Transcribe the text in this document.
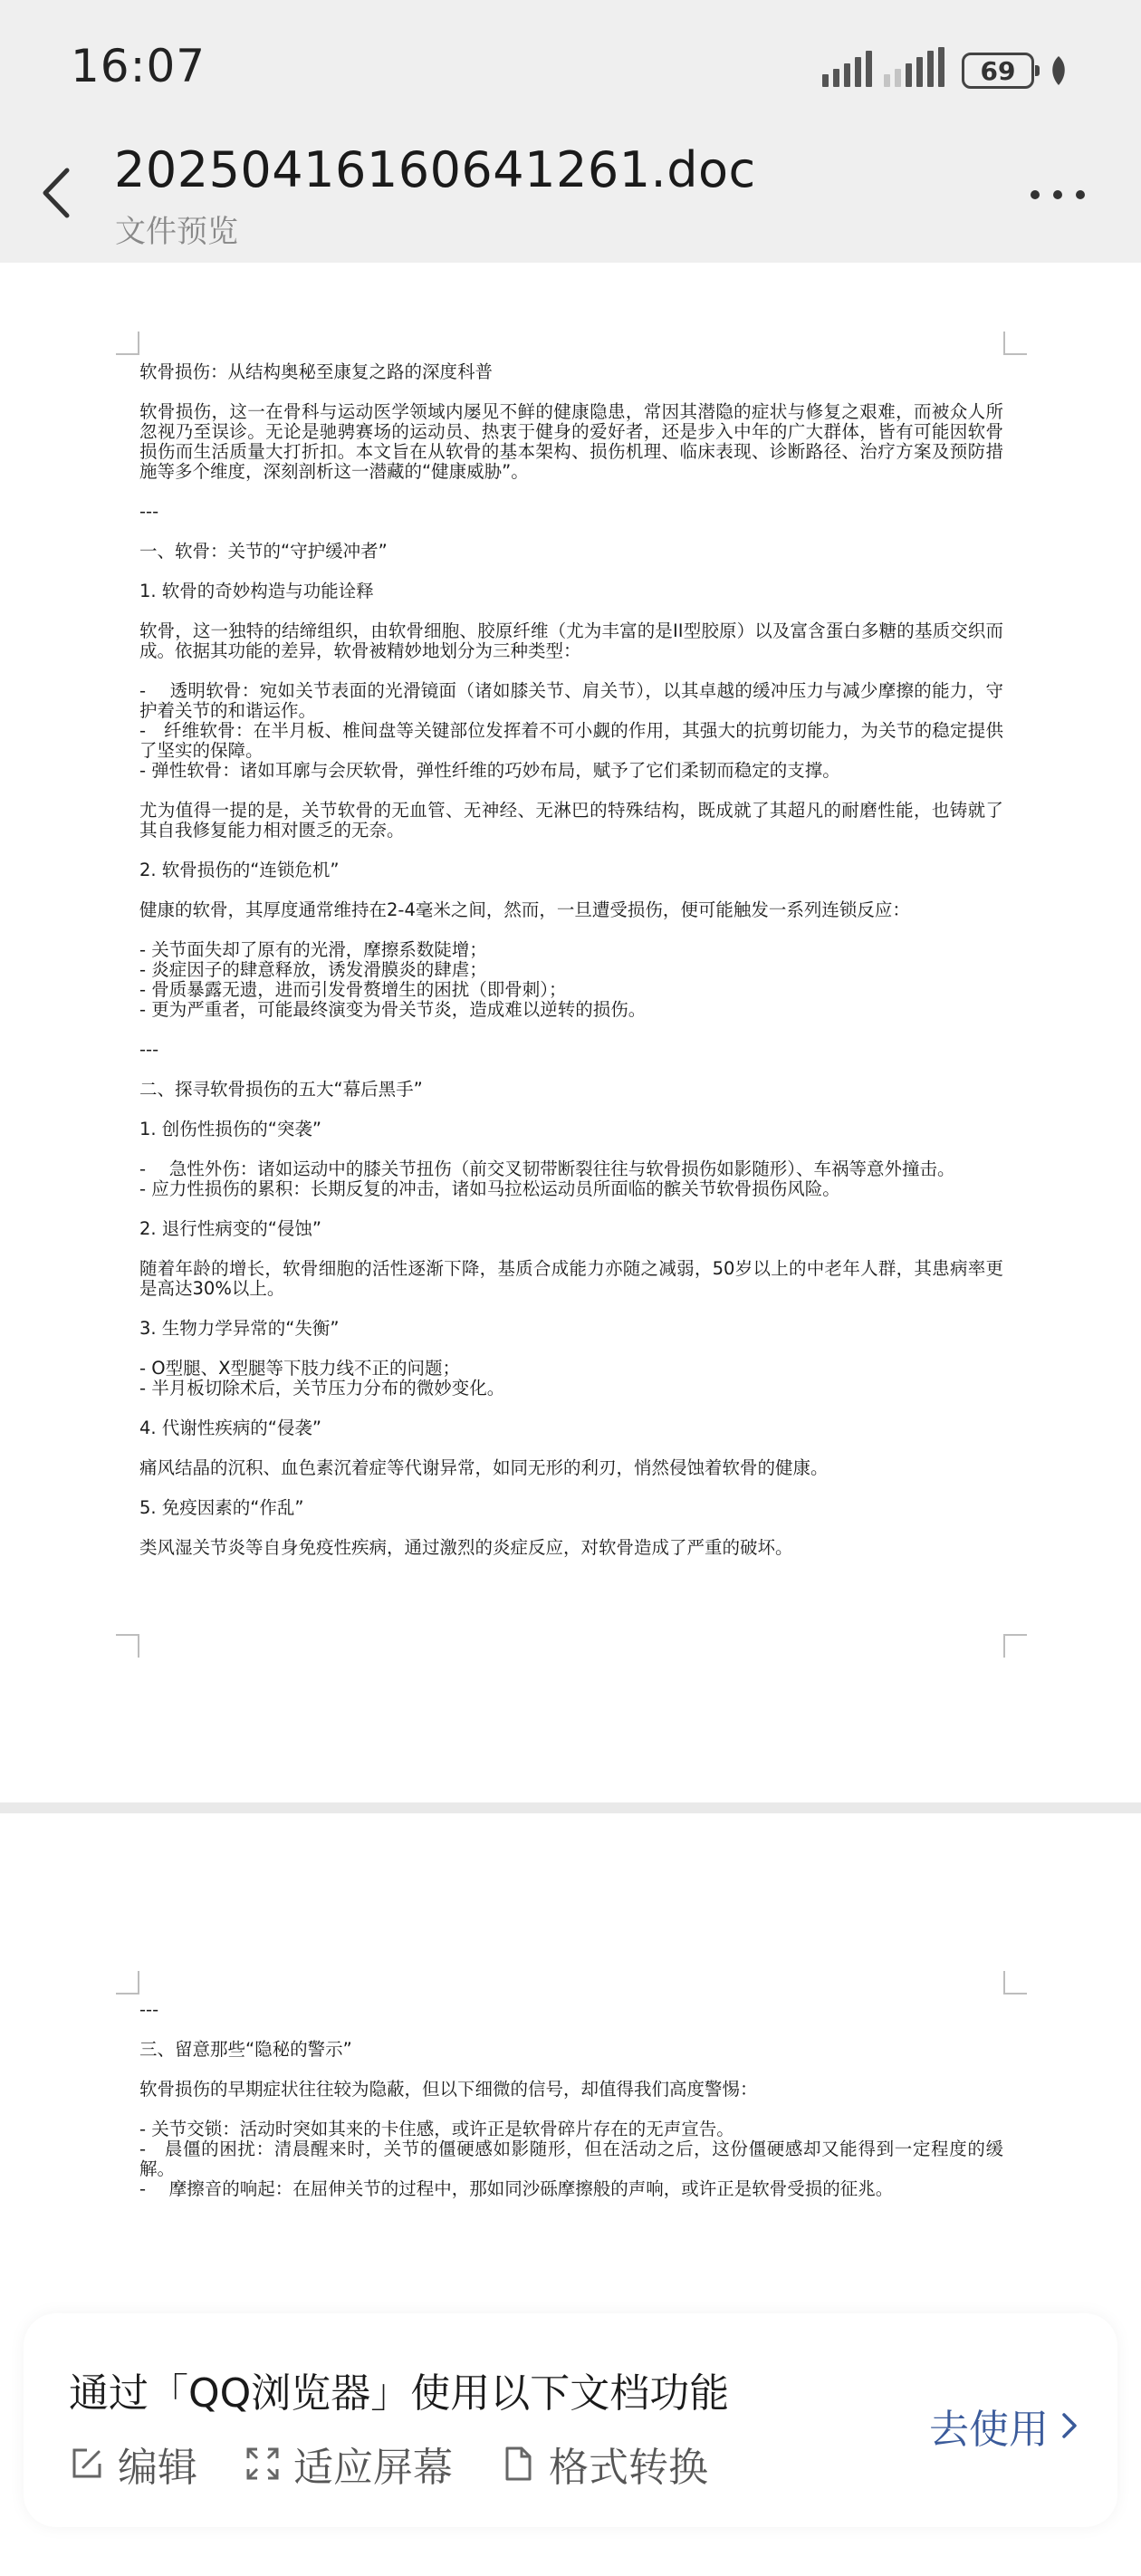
16:07	69
20250416160641261.doc
文件预览

软骨损伤：从结构奥秘至康复之路的深度科普

软骨损伤，这一在骨科与运动医学领域内屡见不鲜的健康隐患，常因其潜隐的症状与修复之艰难，而被众人所忽视乃至误诊。无论是驰骋赛场的运动员、热衷于健身的爱好者，还是步入中年的广大群体，皆有可能因软骨损伤而生活质量大打折扣。本文旨在从软骨的基本架构、损伤机理、临床表现、诊断路径、治疗方案及预防措施等多个维度，深刻剖析这一潜藏的“健康威胁”。

---

一、软骨：关节的“守护缓冲者”

1. 软骨的奇妙构造与功能诠释

软骨，这一独特的结缔组织，由软骨细胞、胶原纤维（尤为丰富的是II型胶原）以及富含蛋白多糖的基质交织而成。依据其功能的差异，软骨被精妙地划分为三种类型：

-　 透明软骨：宛如关节表面的光滑镜面（诸如膝关节、肩关节），以其卓越的缓冲压力与减少摩擦的能力，守护着关节的和谐运作。

-　纤维软骨：在半月板、椎间盘等关键部位发挥着不可小觑的作用，其强大的抗剪切能力，为关节的稳定提供了坚实的保障。

- 弹性软骨：诸如耳廓与会厌软骨，弹性纤维的巧妙布局，赋予了它们柔韧而稳定的支撑。

尤为值得一提的是，关节软骨的无血管、无神经、无淋巴的特殊结构，既成就了其超凡的耐磨性能，也铸就了其自我修复能力相对匮乏的无奈。

2. 软骨损伤的“连锁危机”

健康的软骨，其厚度通常维持在2-4毫米之间，然而，一旦遭受损伤，便可能触发一系列连锁反应：

- 关节面失却了原有的光滑，摩擦系数陡增；

- 炎症因子的肆意释放，诱发滑膜炎的肆虐；

- 骨质暴露无遗，进而引发骨赘增生的困扰（即骨刺）；

- 更为严重者，可能最终演变为骨关节炎，造成难以逆转的损伤。

---

二、探寻软骨损伤的五大“幕后黑手”

1. 创伤性损伤的“突袭”

-　 急性外伤：诸如运动中的膝关节扭伤（前交叉韧带断裂往往与软骨损伤如影随形）、车祸等意外撞击。

- 应力性损伤的累积：长期反复的冲击，诸如马拉松运动员所面临的髌关节软骨损伤风险。

2. 退行性病变的“侵蚀”

随着年龄的增长，软骨细胞的活性逐渐下降，基质合成能力亦随之减弱，50岁以上的中老年人群，其患病率更是高达30%以上。

3. 生物力学异常的“失衡”

- O型腿、X型腿等下肢力线不正的问题；

- 半月板切除术后，关节压力分布的微妙变化。

4. 代谢性疾病的“侵袭”

痛风结晶的沉积、血色素沉着症等代谢异常，如同无形的利刃，悄然侵蚀着软骨的健康。

5. 免疫因素的“作乱”

类风湿关节炎等自身免疫性疾病，通过激烈的炎症反应，对软骨造成了严重的破坏。

---

三、留意那些“隐秘的警示”

软骨损伤的早期症状往往较为隐蔽，但以下细微的信号，却值得我们高度警惕：

- 关节交锁：活动时突如其来的卡住感，或许正是软骨碎片存在的无声宣告。

-　晨僵的困扰：清晨醒来时，关节的僵硬感如影随形，但在活动之后，这份僵硬感却又能得到一定程度的缓解。

-　 摩擦音的响起：在屈伸关节的过程中，那如同沙砾摩擦般的声响，或许正是软骨受损的征兆。

通过「QQ浏览器」使用以下文档功能
编辑 适应屏幕 格式转换
去使用
